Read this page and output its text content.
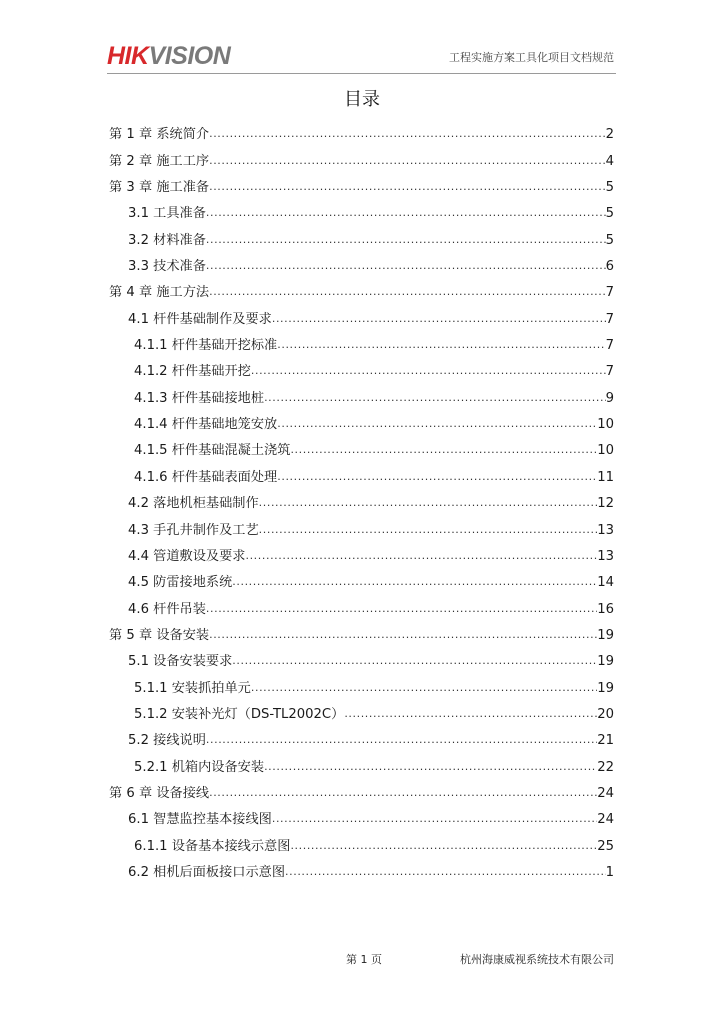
HIKVISION	工程实施方案工具化项目文档规范
目录
第 1 章 系统简介 .....	2
第 2 章 施工工序 .....	4
第 3 章 施工准备 .....	5
3.1 工具准备 .....	5
3.2 材料准备 .....	5
3.3 技术准备 .....	6
第 4 章 施工方法 .....	7
4.1 杆件基础制作及要求 .....	7
4.1.1 杆件基础开挖标准 .....	7
4.1.2 杆件基础开挖 .....	7
4.1.3 杆件基础接地桩 .....	9
4.1.4 杆件基础地笼安放 .....	10
4.1.5 杆件基础混凝土浇筑 .....	10
4.1.6 杆件基础表面处理 .....	11
4.2 落地机柜基础制作 .....	12
4.3 手孔井制作及工艺 .....	13
4.4 管道敷设及要求 .....	13
4.5 防雷接地系统 .....	14
4.6 杆件吊装 .....	16
第 5 章 设备安装 .....	19
5.1 设备安装要求 .....	19
5.1.1 安装抓拍单元 .....	19
5.1.2 安装补光灯（DS-TL2002C） .....	20
5.2 接线说明 .....	21
5.2.1 机箱内设备安装 .....	22
第 6 章 设备接线 .....	24
6.1 智慧监控基本接线图 .....	24
6.1.1 设备基本接线示意图 .....	25
6.2 相机后面板接口示意图 .....	1
第 1 页	杭州海康威视系统技术有限公司
